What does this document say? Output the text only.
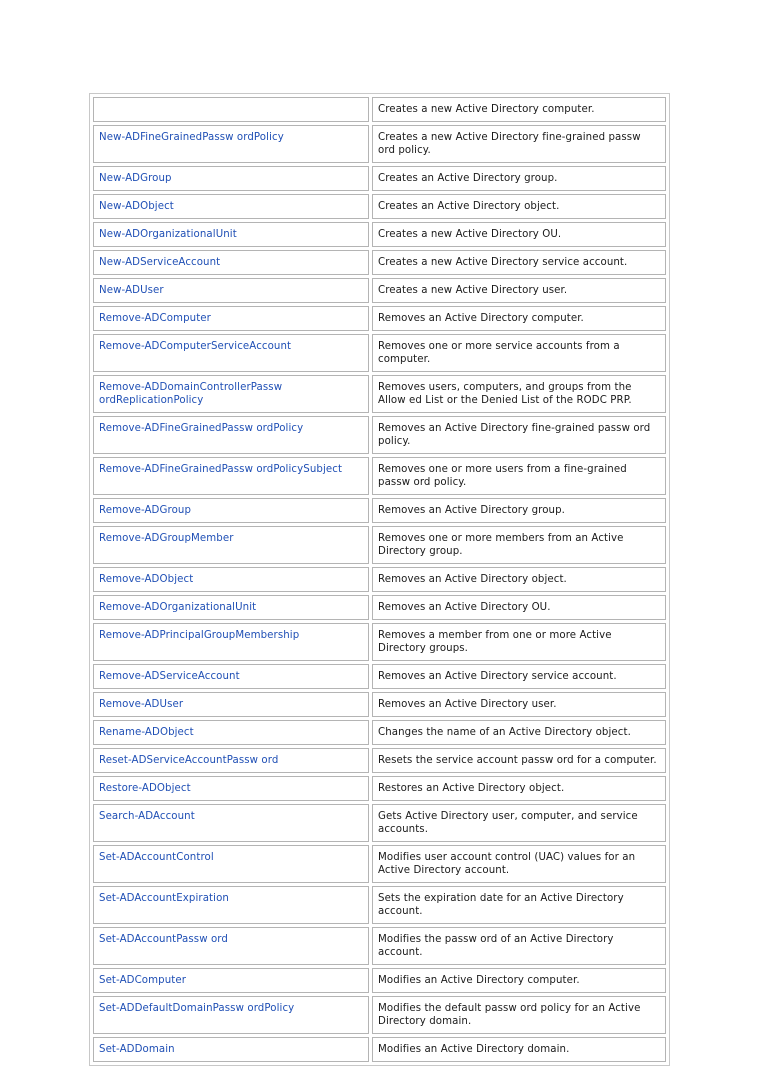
	Creates a new Active Directory computer.
New-ADFineGrainedPassw ordPolicy	Creates a new Active Directory fine-grained passw ord policy.
New-ADGroup	Creates an Active Directory group.
New-ADObject	Creates an Active Directory object.
New-ADOrganizationalUnit	Creates a new Active Directory OU.
New-ADServiceAccount	Creates a new Active Directory service account.
New-ADUser	Creates a new Active Directory user.
Remove-ADComputer	Removes an Active Directory computer.
Remove-ADComputerServiceAccount	Removes one or more service accounts from a computer.
Remove-ADDomainControllerPassw ordReplicationPolicy	Removes users, computers, and groups from the Allow ed List or the Denied List of the RODC PRP.
Remove-ADFineGrainedPassw ordPolicy	Removes an Active Directory fine-grained passw ord policy.
Remove-ADFineGrainedPassw ordPolicySubject	Removes one or more users from a fine-grained passw ord policy.
Remove-ADGroup	Removes an Active Directory group.
Remove-ADGroupMember	Removes one or more members from an Active Directory group.
Remove-ADObject	Removes an Active Directory object.
Remove-ADOrganizationalUnit	Removes an Active Directory OU.
Remove-ADPrincipalGroupMembership	Removes a member from one or more Active Directory groups.
Remove-ADServiceAccount	Removes an Active Directory service account.
Remove-ADUser	Removes an Active Directory user.
Rename-ADObject	Changes the name of an Active Directory object.
Reset-ADServiceAccountPassw ord	Resets the service account passw ord for a computer.
Restore-ADObject	Restores an Active Directory object.
Search-ADAccount	Gets Active Directory user, computer, and service accounts.
Set-ADAccountControl	Modifies user account control (UAC) values for an Active Directory account.
Set-ADAccountExpiration	Sets the expiration date for an Active Directory account.
Set-ADAccountPassw ord	Modifies the passw ord of an Active Directory account.
Set-ADComputer	Modifies an Active Directory computer.
Set-ADDefaultDomainPassw ordPolicy	Modifies the default passw ord policy for an Active Directory domain.
Set-ADDomain	Modifies an Active Directory domain.
